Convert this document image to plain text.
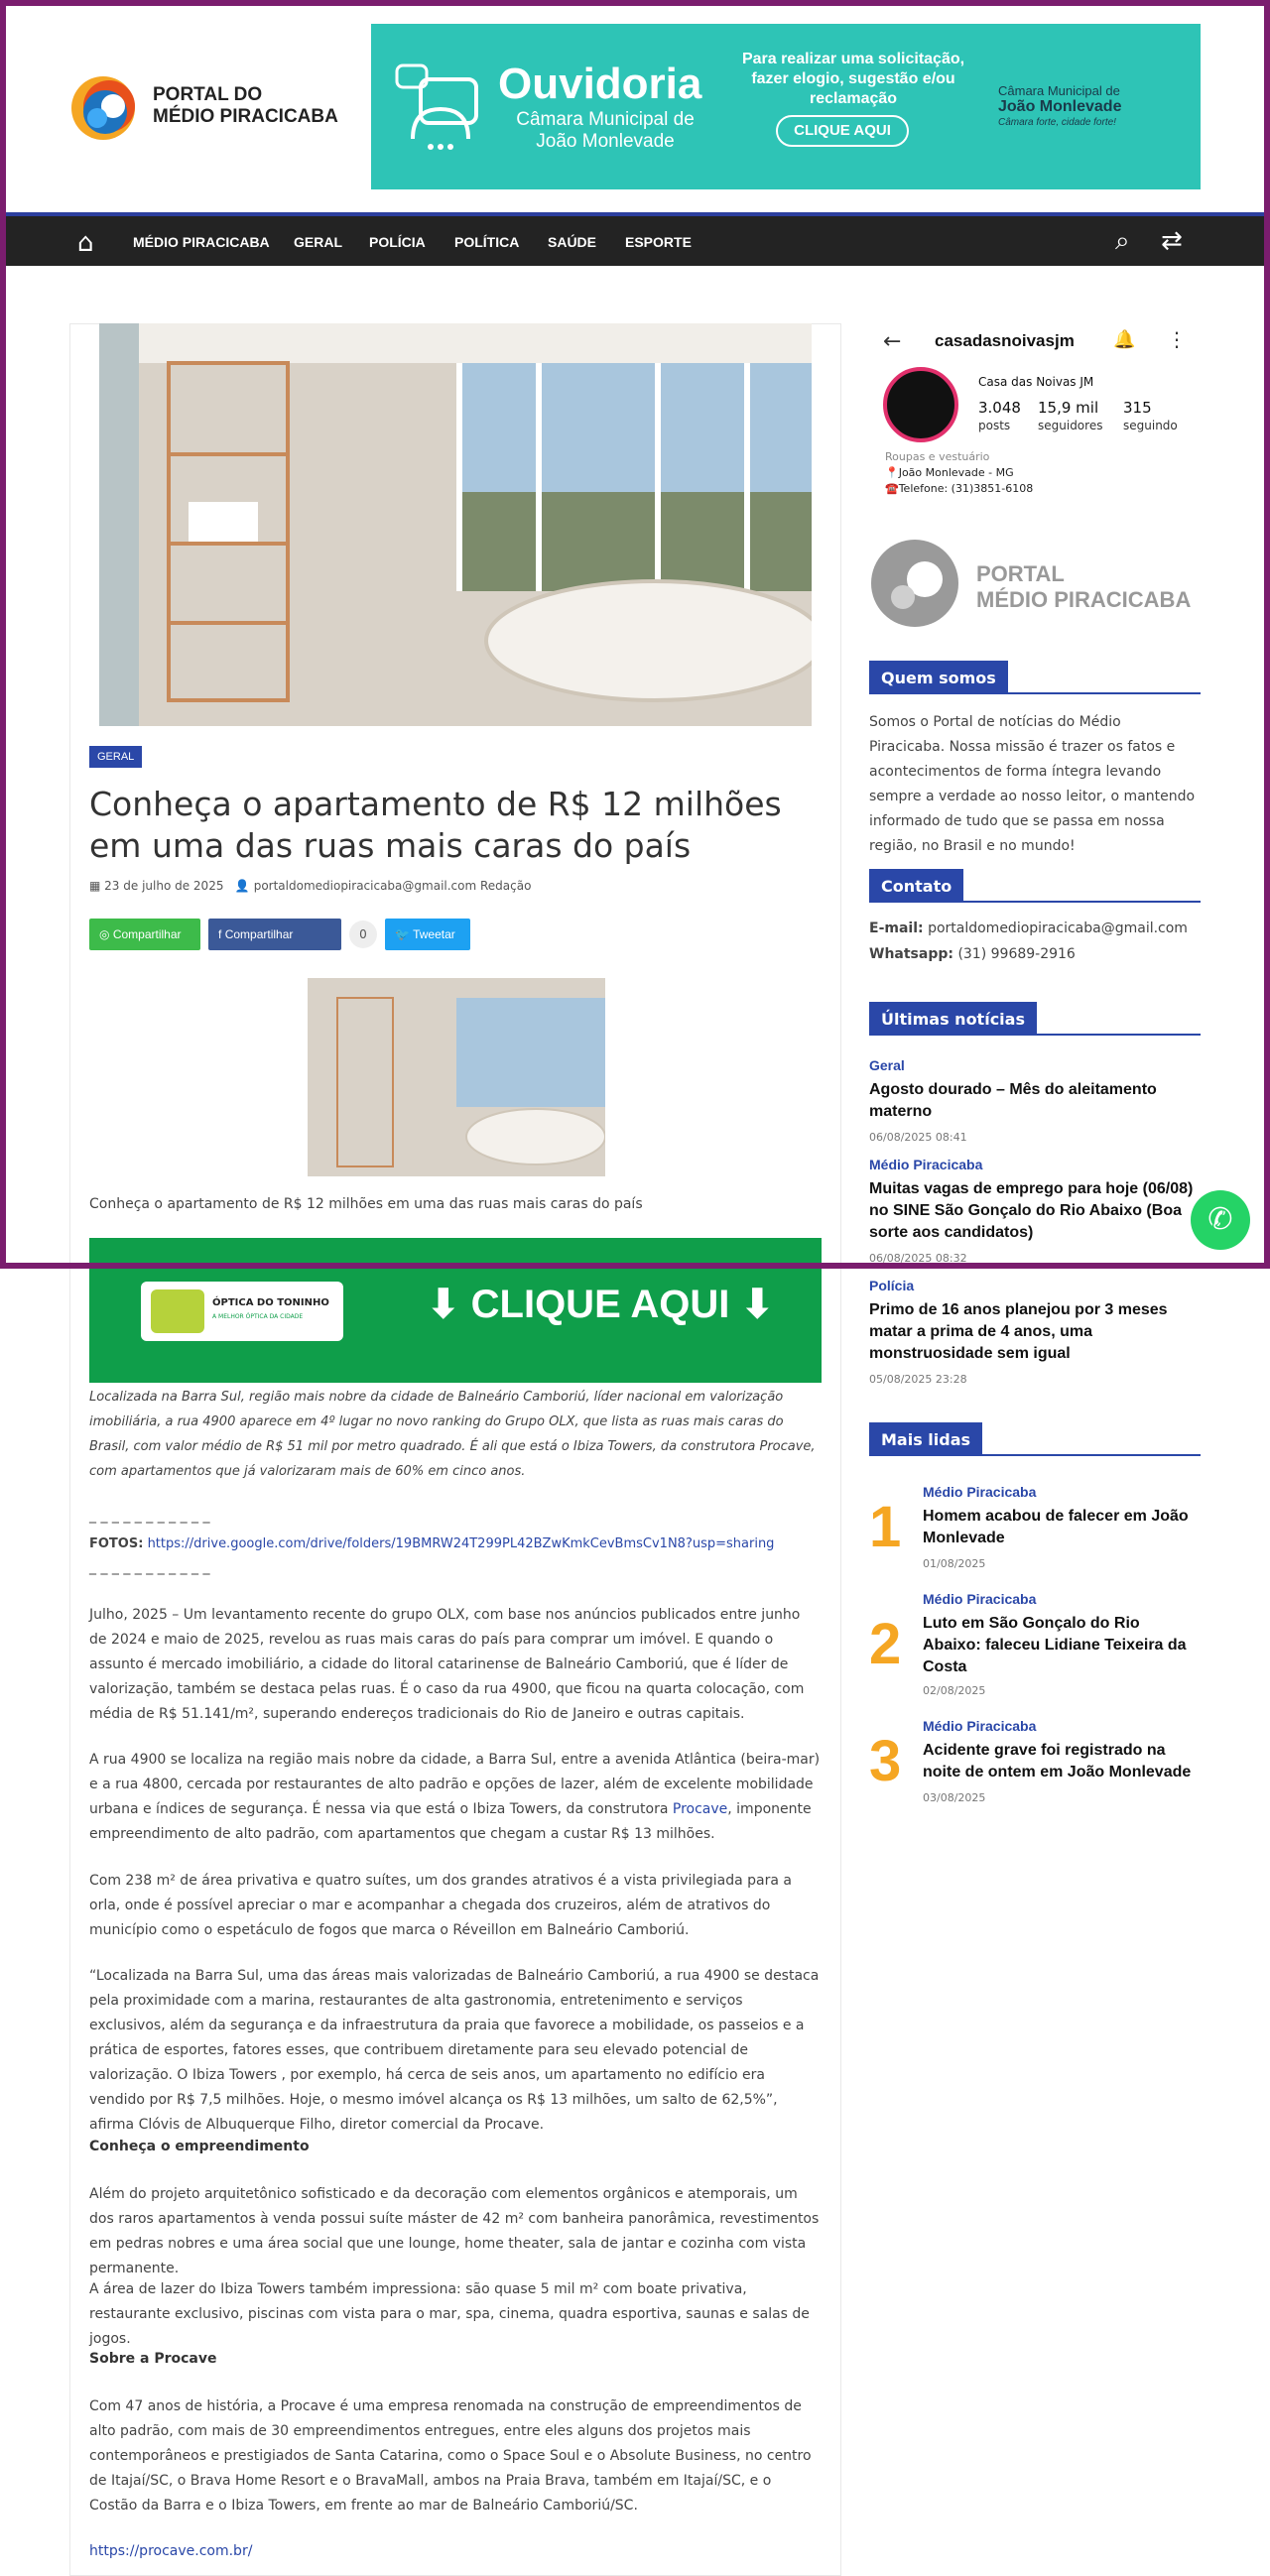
PORTAL DO
MÉDIO PIRACICABA
Ouvidoria
Câmara Municipal de João Monlevade
Para realizar uma solicitação, fazer elogio, sugestão e/ou reclamação
CLIQUE AQUI
Câmara Municipal de
João Monlevade
Câmara forte, cidade forte!
⌂	MÉDIO PIRACICABA GERAL POLÍCIA POLÍTICA SAÚDE ESPORTE	⌕ ⇄
GERAL
Conheça o apartamento de R$ 12 milhões em uma das ruas mais caras do país
▦ 23 de julho de 2025 👤 portaldomediopiracicaba@gmail.com Redação
◎ Compartilhar	f Compartilhar	0	🐦 Tweetar
Conheça o apartamento de R$ 12 milhões em uma das ruas mais caras do país
ÓPTICA DO TONINHO
A MELHOR ÓPTICA DA CIDADE	⬇ CLIQUE AQUI ⬇
Localizada na Barra Sul, região mais nobre da cidade de Balneário Camboriú, líder nacional em valorização imobiliária, a rua 4900 aparece em 4º lugar no novo ranking do Grupo OLX, que lista as ruas mais caras do Brasil, com valor médio de R$ 51 mil por metro quadrado. É ali que está o Ibiza Towers, da construtora Procave, com apartamentos que já valorizaram mais de 60% em cinco anos.
_ _ _ _ _ _ _ _ _ _ _
FOTOS: https://drive.google.com/drive/folders/19BMRW24T299PL42BZwKmkCevBmsCv1N8?usp=sharing
_ _ _ _ _ _ _ _ _ _ _
Julho, 2025 – Um levantamento recente do grupo OLX, com base nos anúncios publicados entre junho de 2024 e maio de 2025, revelou as ruas mais caras do país para comprar um imóvel. E quando o assunto é mercado imobiliário, a cidade do litoral catarinense de Balneário Camboriú, que é líder de valorização, também se destaca pelas ruas. É o caso da rua 4900, que ficou na quarta colocação, com média de R$ 51.141/m², superando endereços tradicionais do Rio de Janeiro e outras capitais.
A rua 4900 se localiza na região mais nobre da cidade, a Barra Sul, entre a avenida Atlântica (beira-mar) e a rua 4800, cercada por restaurantes de alto padrão e opções de lazer, além de excelente mobilidade urbana e índices de segurança. É nessa via que está o Ibiza Towers, da construtora Procave, imponente empreendimento de alto padrão, com apartamentos que chegam a custar R$ 13 milhões.
Com 238 m² de área privativa e quatro suítes, um dos grandes atrativos é a vista privilegiada para a orla, onde é possível apreciar o mar e acompanhar a chegada dos cruzeiros, além de atrativos do município como o espetáculo de fogos que marca o Réveillon em Balneário Camboriú.
“Localizada na Barra Sul, uma das áreas mais valorizadas de Balneário Camboriú, a rua 4900 se destaca pela proximidade com a marina, restaurantes de alta gastronomia, entretenimento e serviços exclusivos, além da segurança e da infraestrutura da praia que favorece a mobilidade, os passeios e a prática de esportes, fatores esses, que contribuem diretamente para seu elevado potencial de valorização. O Ibiza Towers , por exemplo, há cerca de seis anos, um apartamento no edifício era vendido por R$ 7,5 milhões. Hoje, o mesmo imóvel alcança os R$ 13 milhões, um salto de 62,5%”, afirma Clóvis de Albuquerque Filho, diretor comercial da Procave.
Conheça o empreendimento
Além do projeto arquitetônico sofisticado e da decoração com elementos orgânicos e atemporais, um dos raros apartamentos à venda possui suíte máster de 42 m² com banheira panorâmica, revestimentos em pedras nobres e uma área social que une lounge, home theater, sala de jantar e cozinha com vista permanente.
A área de lazer do Ibiza Towers também impressiona: são quase 5 mil m² com boate privativa, restaurante exclusivo, piscinas com vista para o mar, spa, cinema, quadra esportiva, saunas e salas de jogos.
Sobre a Procave
Com 47 anos de história, a Procave é uma empresa renomada na construção de empreendimentos de alto padrão, com mais de 30 empreendimentos entregues, entre eles alguns dos projetos mais contemporâneos e prestigiados de Santa Catarina, como o Space Soul e o Absolute Business, no centro de Itajaí/SC, o Brava Home Resort e o BravaMall, ambos na Praia Brava, também em Itajaí/SC, e o Costão da Barra e o Ibiza Towers, em frente ao mar de Balneário Camboriú/SC.
https://procave.com.br/
← casadasnoivasjm 🔔 ⋮
Casa das Noivas JM
3.048
posts
15,9 mil
seguidores
315
seguindo
Roupas e vestuário
📍João Monlevade - MG
☎️Telefone: (31)3851-6108
PORTAL
MÉDIO PIRACICABA
Quem somos
Somos o Portal de notícias do Médio Piracicaba. Nossa missão é trazer os fatos e acontecimentos de forma íntegra levando sempre a verdade ao nosso leitor, o mantendo informado de tudo que se passa em nossa região, no Brasil e no mundo!
Contato
E-mail: portaldomediopiracicaba@gmail.com
Whatsapp: (31) 99689-2916
Últimas notícias
Geral
Agosto dourado – Mês do aleitamento materno
06/08/2025 08:41
Médio Piracicaba
Muitas vagas de emprego para hoje (06/08) no SINE São Gonçalo do Rio Abaixo (Boa sorte aos candidatos)
06/08/2025 08:32
Polícia
Primo de 16 anos planejou por 3 meses matar a prima de 4 anos, uma monstruosidade sem igual
05/08/2025 23:28
Mais lidas
1
Médio Piracicaba
Homem acabou de falecer em João Monlevade
01/08/2025
2
Médio Piracicaba
Luto em São Gonçalo do Rio Abaixo: faleceu Lidiane Teixeira da Costa
02/08/2025
3
Médio Piracicaba
Acidente grave foi registrado na noite de ontem em João Monlevade
03/08/2025
✆
